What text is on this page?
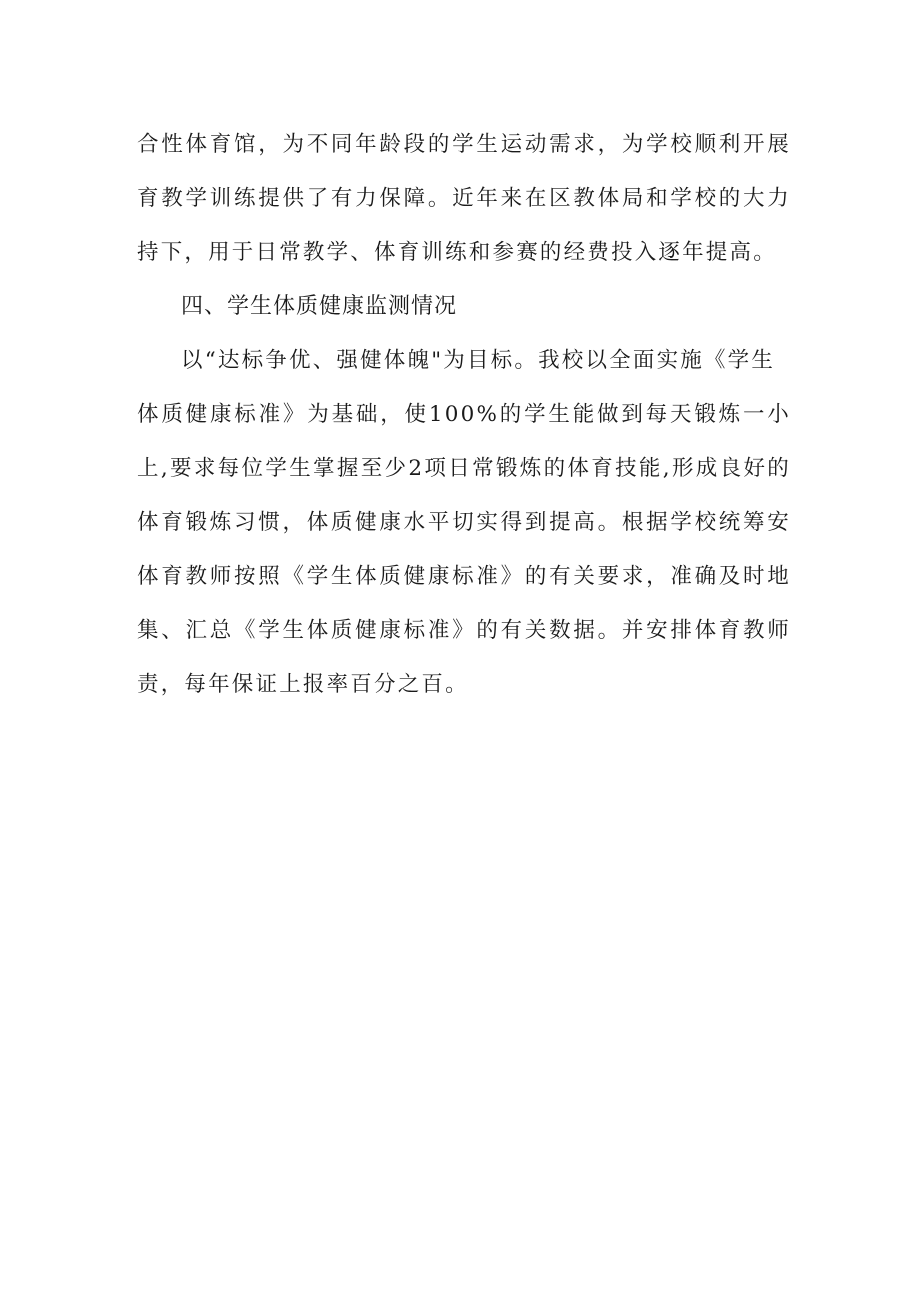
合性体育馆，为不同年龄段的学生运动需求，为学校顺利开展
育教学训练提供了有力保障。近年来在区教体局和学校的大力
持下，用于日常教学、体育训练和参赛的经费投入逐年提高。
四、学生体质健康监测情况
以“达标争优、强健体魄"为目标。我校以全面实施《学生
体质健康标准》为基础，使100%的学生能做到每天锻炼一小
上,要求每位学生掌握至少2项日常锻炼的体育技能,形成良好的
体育锻炼习惯，体质健康水平切实得到提高。根据学校统筹安
体育教师按照《学生体质健康标准》的有关要求，准确及时地
集、汇总《学生体质健康标准》的有关数据。并安排体育教师
责，每年保证上报率百分之百。
